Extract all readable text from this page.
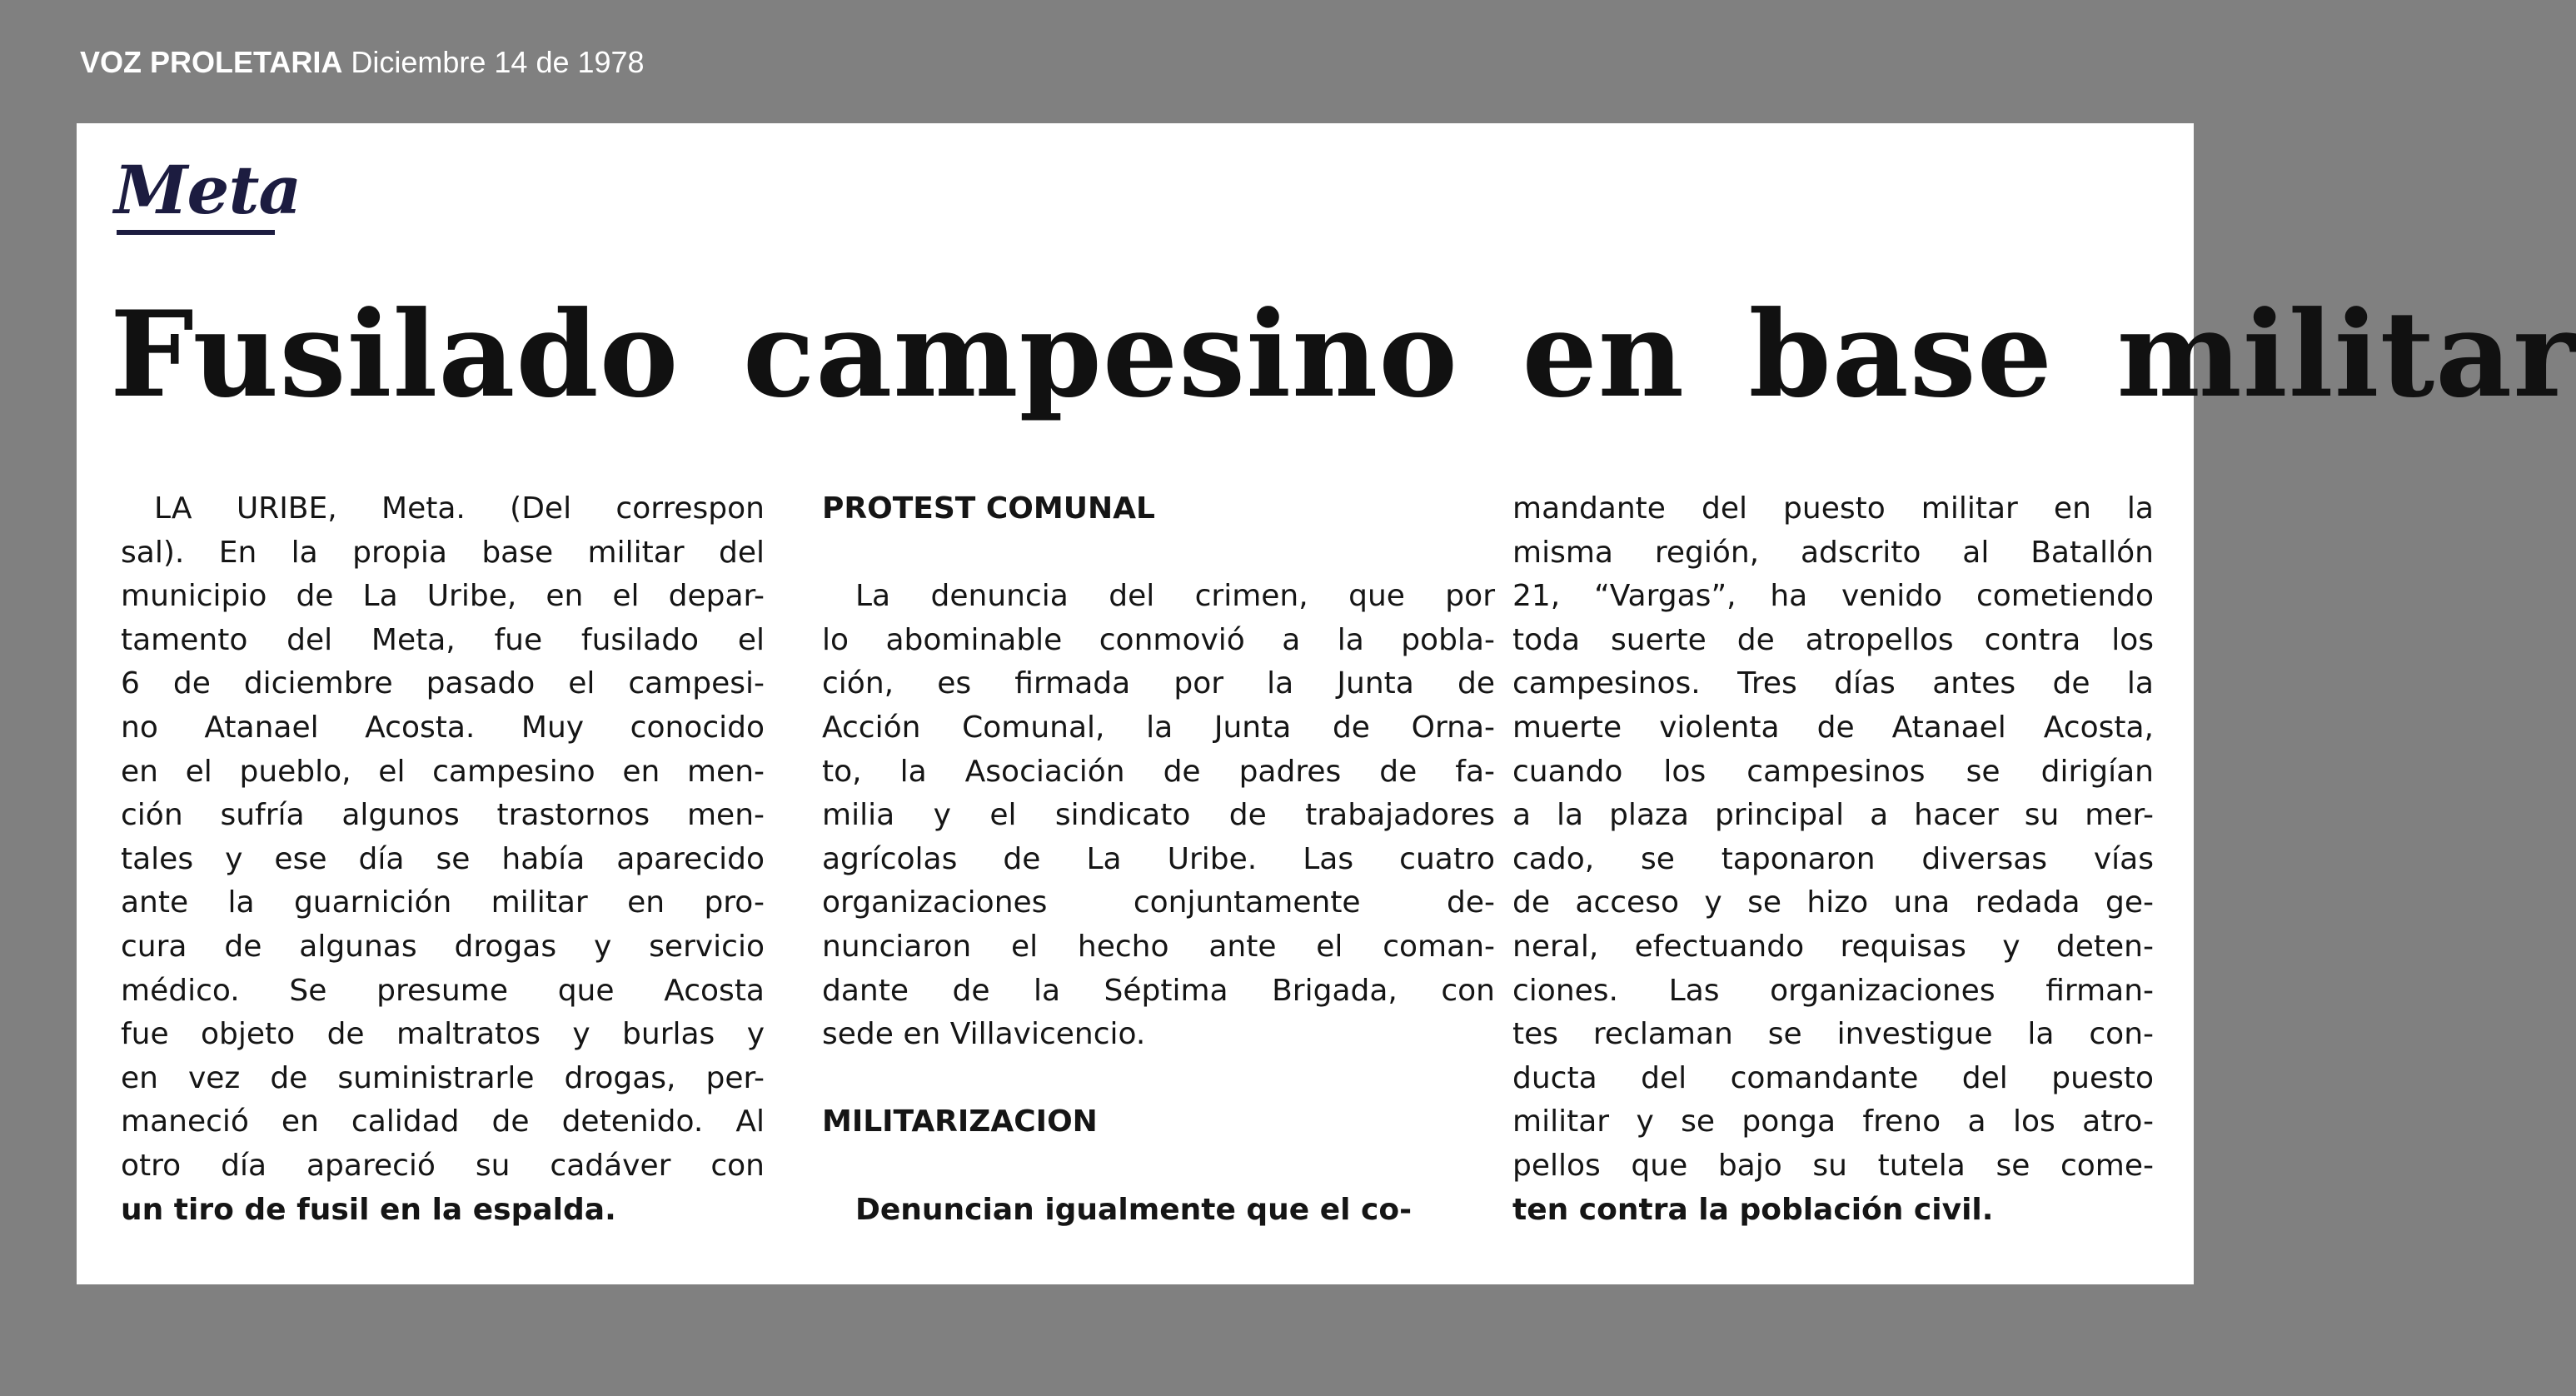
VOZ PROLETARIA Diciembre 14 de 1978
Meta
Fusilado campesino en base militar
LA URIBE, Meta. (Del correspon
sal). En la propia base militar del
municipio de La Uribe, en el depar-
tamento del Meta, fue fusilado el
6 de diciembre pasado el campesi-
no Atanael Acosta. Muy conocido
en el pueblo, el campesino en men-
ción sufría algunos trastornos men-
tales y ese día se había aparecido
ante la guarnición militar en pro-
cura de algunas drogas y servicio
médico. Se presume que Acosta
fue objeto de maltratos y burlas y
en vez de suministrarle drogas, per-
maneció en calidad de detenido. Al
otro día apareció su cadáver con
un tiro de fusil en la espalda.
PROTEST COMUNAL
La denuncia del crimen, que por
lo abominable conmovió a la pobla-
ción, es firmada por la Junta de
Acción Comunal, la Junta de Orna-
to, la Asociación de padres de fa-
milia y el sindicato de trabajadores
agrícolas de La Uribe. Las cuatro
organizaciones conjuntamente de-
nunciaron el hecho ante el coman-
dante de la Séptima Brigada, con
sede en Villavicencio.
MILITARIZACION
Denuncian igualmente que el co-
mandante del puesto militar en la
misma región, adscrito al Batallón
21, “Vargas”, ha venido cometiendo
toda suerte de atropellos contra los
campesinos. Tres días antes de la
muerte violenta de Atanael Acosta,
cuando los campesinos se dirigían
a la plaza principal a hacer su mer-
cado, se taponaron diversas vías
de acceso y se hizo una redada ge-
neral, efectuando requisas y deten-
ciones. Las organizaciones firman-
tes reclaman se investigue la con-
ducta del comandante del puesto
militar y se ponga freno a los atro-
pellos que bajo su tutela se come-
ten contra la población civil.
